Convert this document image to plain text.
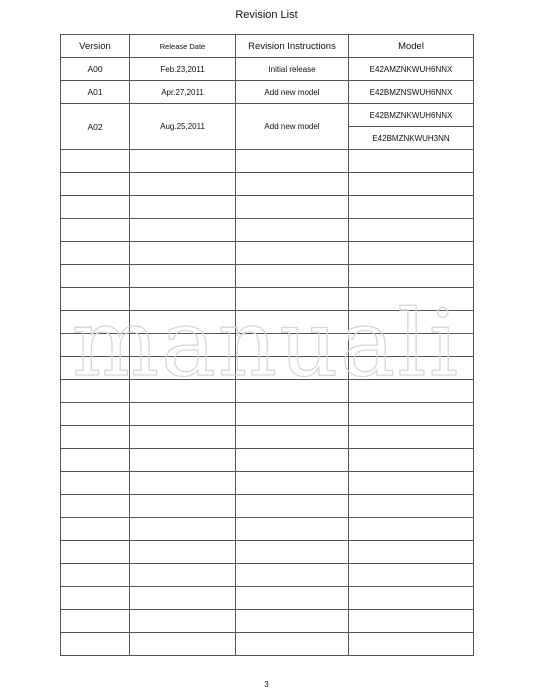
Revision List
Version	Release Date	Revision Instructions	Model
A00	Feb.23,2011	Initial release	E42AMZNKWUH6NNX
A01	Apr.27,2011	Add new model	E42BMZNSWUH6NNX
A02	Aug.25,2011	Add new model	E42BMZNKWUH6NNX
			E42BMZNKWUH3NN

manuali
3
